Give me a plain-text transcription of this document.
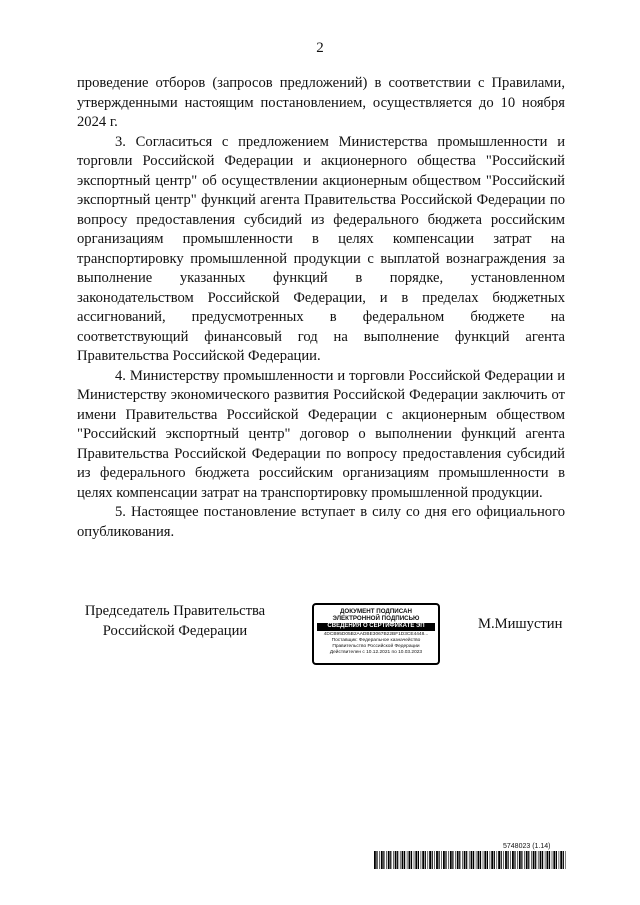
2

проведение отборов (запросов предложений) в соответствии с Правилами, утвержденными настоящим постановлением, осуществляется до 10 ноября 2024 г.

3. Согласиться с предложением Министерства промышленности и торговли Российской Федерации и акционерного общества "Российский экспортный центр" об осуществлении акционерным обществом "Российский экспортный центр" функций агента Правительства Российской Федерации по вопросу предоставления субсидий из федерального бюджета российским организациям промышленности в целях компенсации затрат на транспортировку промышленной продукции с выплатой вознаграждения за выполнение указанных функций в порядке, установленном законодательством Российской Федерации, и в пределах бюджетных ассигнований, предусмотренных в федеральном бюджете на соответствующий финансовый год на выполнение функций агента Правительства Российской Федерации.

4. Министерству промышленности и торговли Российской Федерации и Министерству экономического развития Российской Федерации заключить от имени Правительства Российской Федерации с акционерным обществом "Российский экспортный центр" договор о выполнении функций агента Правительства Российской Федерации по вопросу предоставления субсидий из федерального бюджета российским организациям промышленности в целях компенсации затрат на транспортировку промышленной продукции.

5. Настоящее постановление вступает в силу со дня его официального опубликования.

Председатель Правительства
Российской Федерации
ДОКУМЕНТ ПОДПИСАН
ЭЛЕКТРОННОЙ ПОДПИСЬЮ
СВЕДЕНИЯ О СЕРТИФИКАТЕ ЭП
4DCB95D05B2AADBE3067B22BF1D3CE4448...
Поставщик: Федеральное казначейство
Правительство Российской Федерации
Действителен с 10.12.2021 по 10.03.2023
М.Мишустин
5748023 (1.14)
